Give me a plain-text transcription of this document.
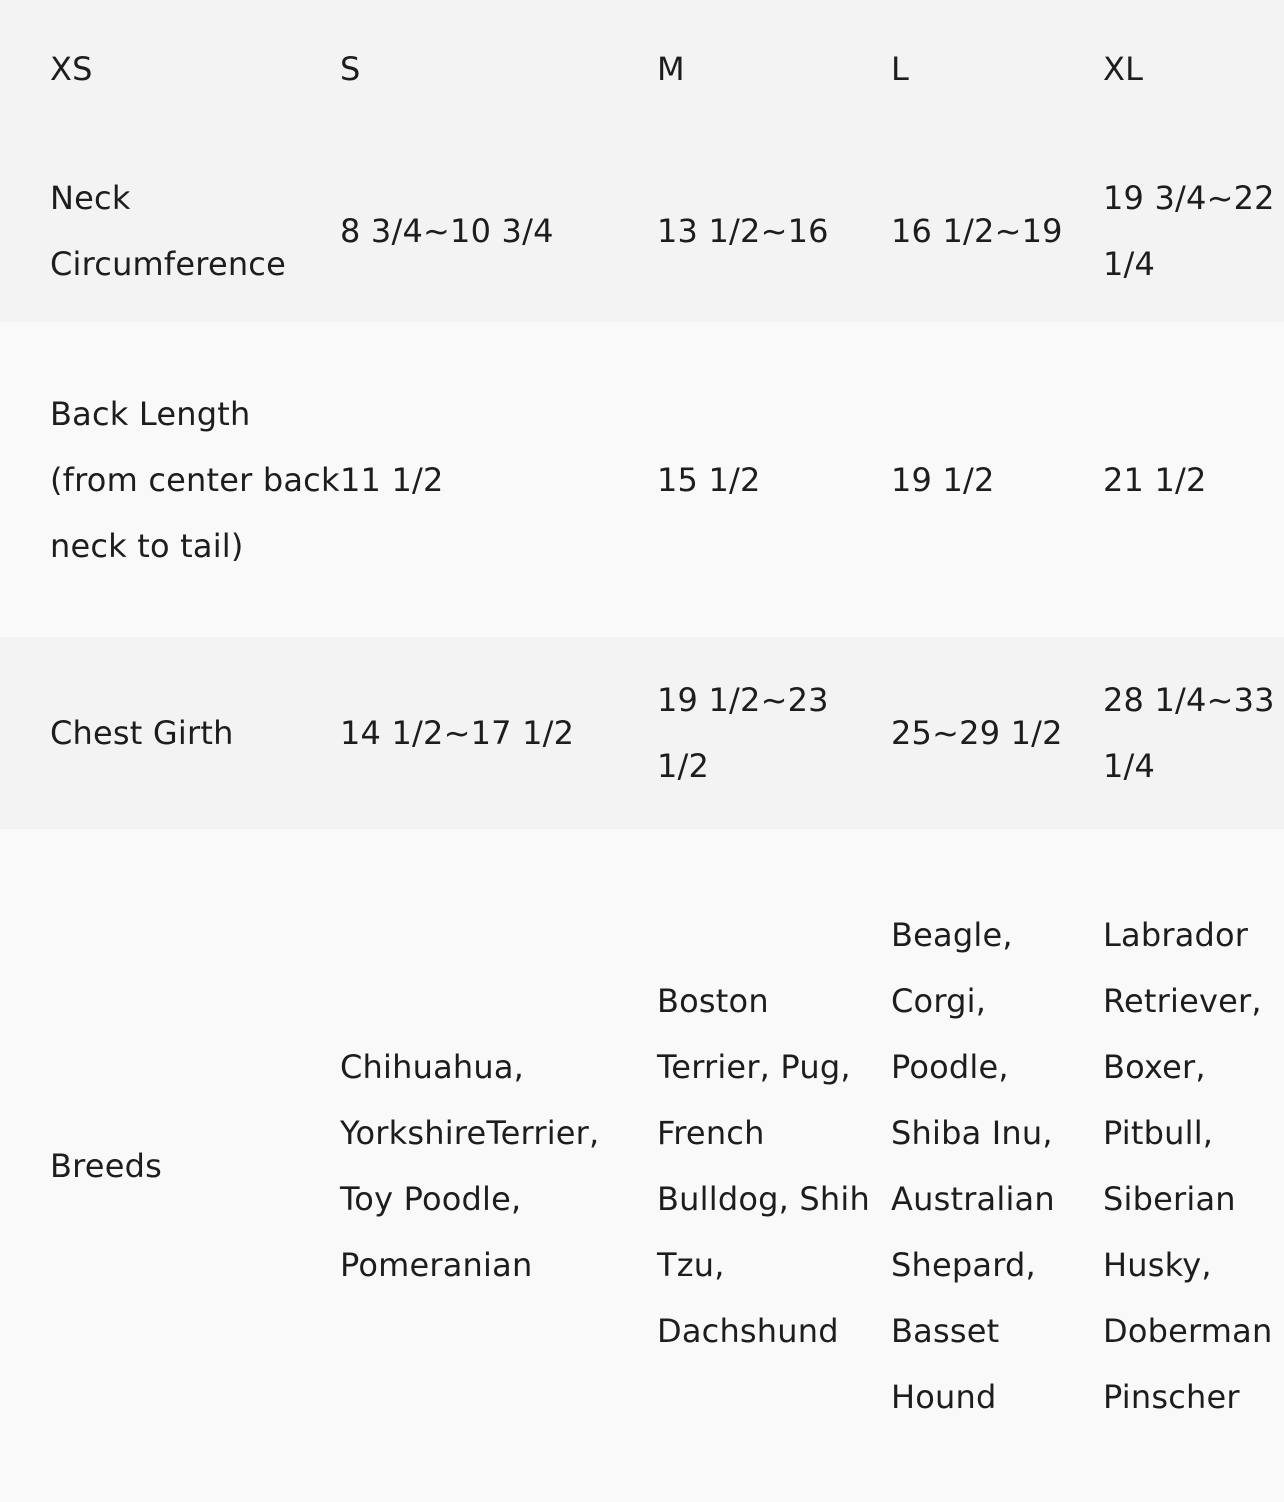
XS	S	M	L	XL
Neck Circumference	8 3/4~10 3/4	13 1/2~16	16 1/2~19	19 3/4~22 1/4
Back Length (from center back neck to tail)	11 1/2	15 1/2	19 1/2	21 1/2
Chest Girth	14 1/2~17 1/2	19 1/2~23 1/2	25~29 1/2	28 1/4~33 1/4
Breeds	Chihuahua, YorkshireTerrier, Toy Poodle, Pomeranian	Boston Terrier, Pug, French Bulldog, Shih Tzu, Dachshund	Beagle, Corgi, Poodle, Shiba Inu, Australian Shepard, Basset Hound	Labrador Retriever, Boxer, Pitbull, Siberian Husky, Doberman Pinscher
